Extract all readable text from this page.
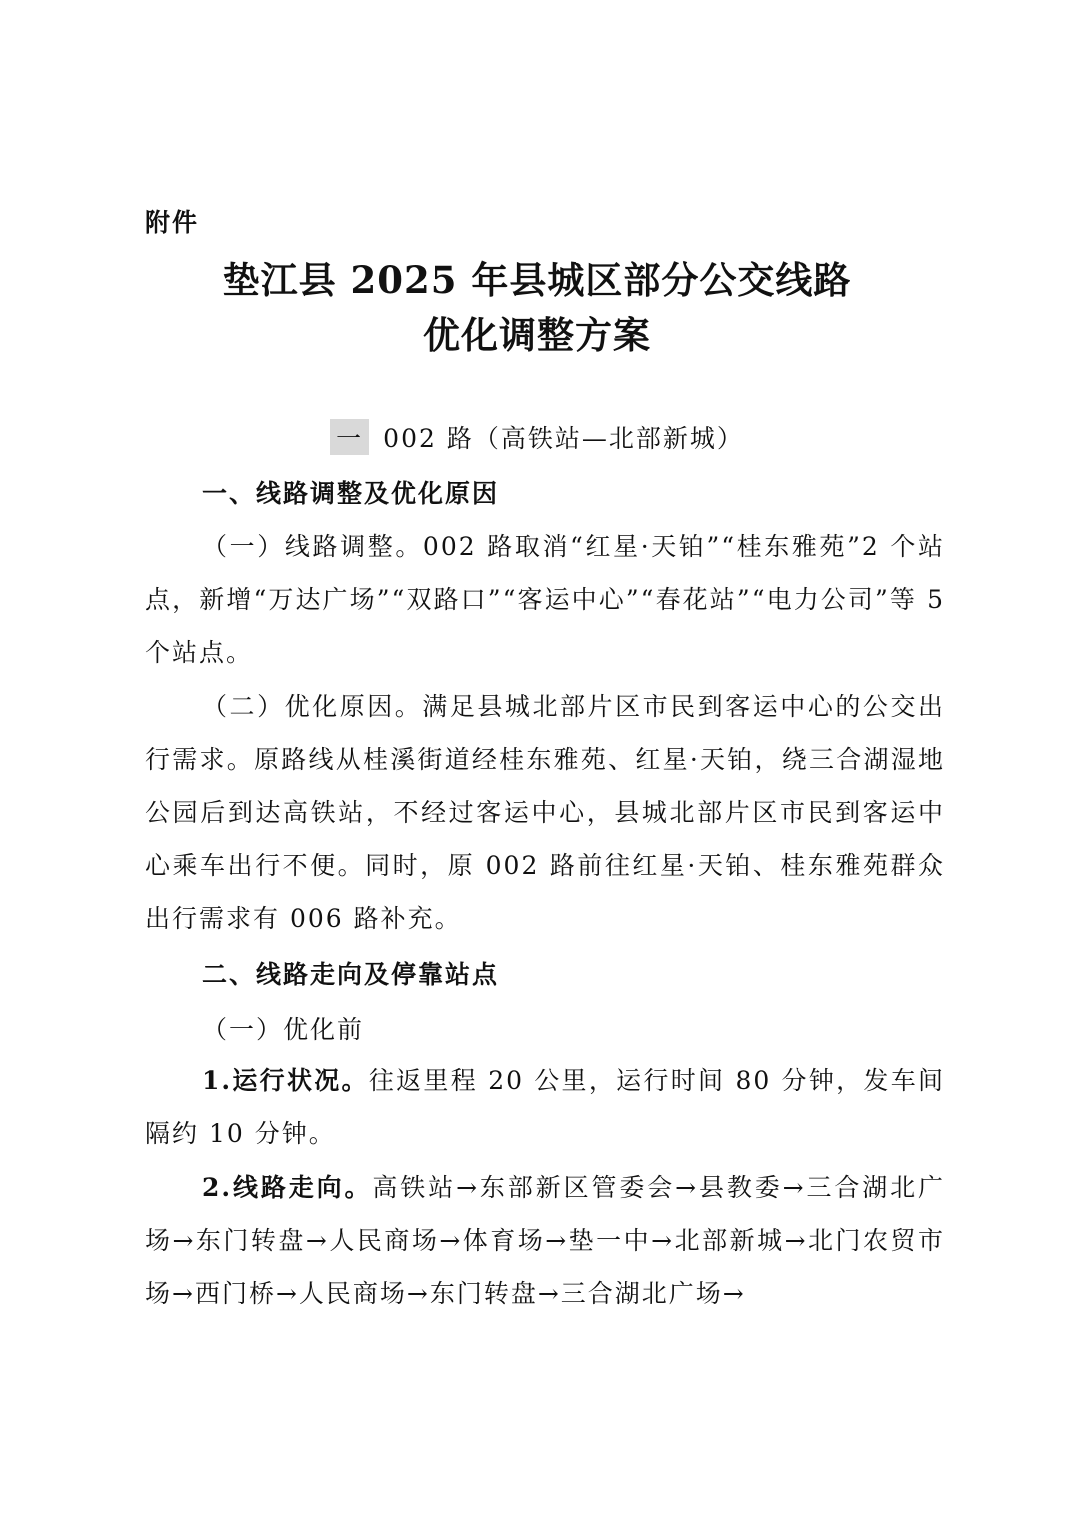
附件
垫江县 2025 年县城区部分公交线路
优化调整方案
一 002 路（高铁站—北部新城）
一、线路调整及优化原因
（一）线路调整。002 路取消“红星·天铂”“桂东雅苑”2 个站点，新增“万达广场”“双路口”“客运中心”“春花站”“电力公司”等 5 个站点。
（二）优化原因。满足县城北部片区市民到客运中心的公交出行需求。原路线从桂溪街道经桂东雅苑、红星·天铂，绕三合湖湿地公园后到达高铁站，不经过客运中心，县城北部片区市民到客运中心乘车出行不便。同时，原 002 路前往红星·天铂、桂东雅苑群众出行需求有 006 路补充。
二、线路走向及停靠站点
（一）优化前
1.运行状况。往返里程 20 公里，运行时间 80 分钟，发车间隔约 10 分钟。
2.线路走向。高铁站→东部新区管委会→县教委→三合湖北广场→东门转盘→人民商场→体育场→垫一中→北部新城→北门农贸市场→西门桥→人民商场→东门转盘→三合湖北广场→
